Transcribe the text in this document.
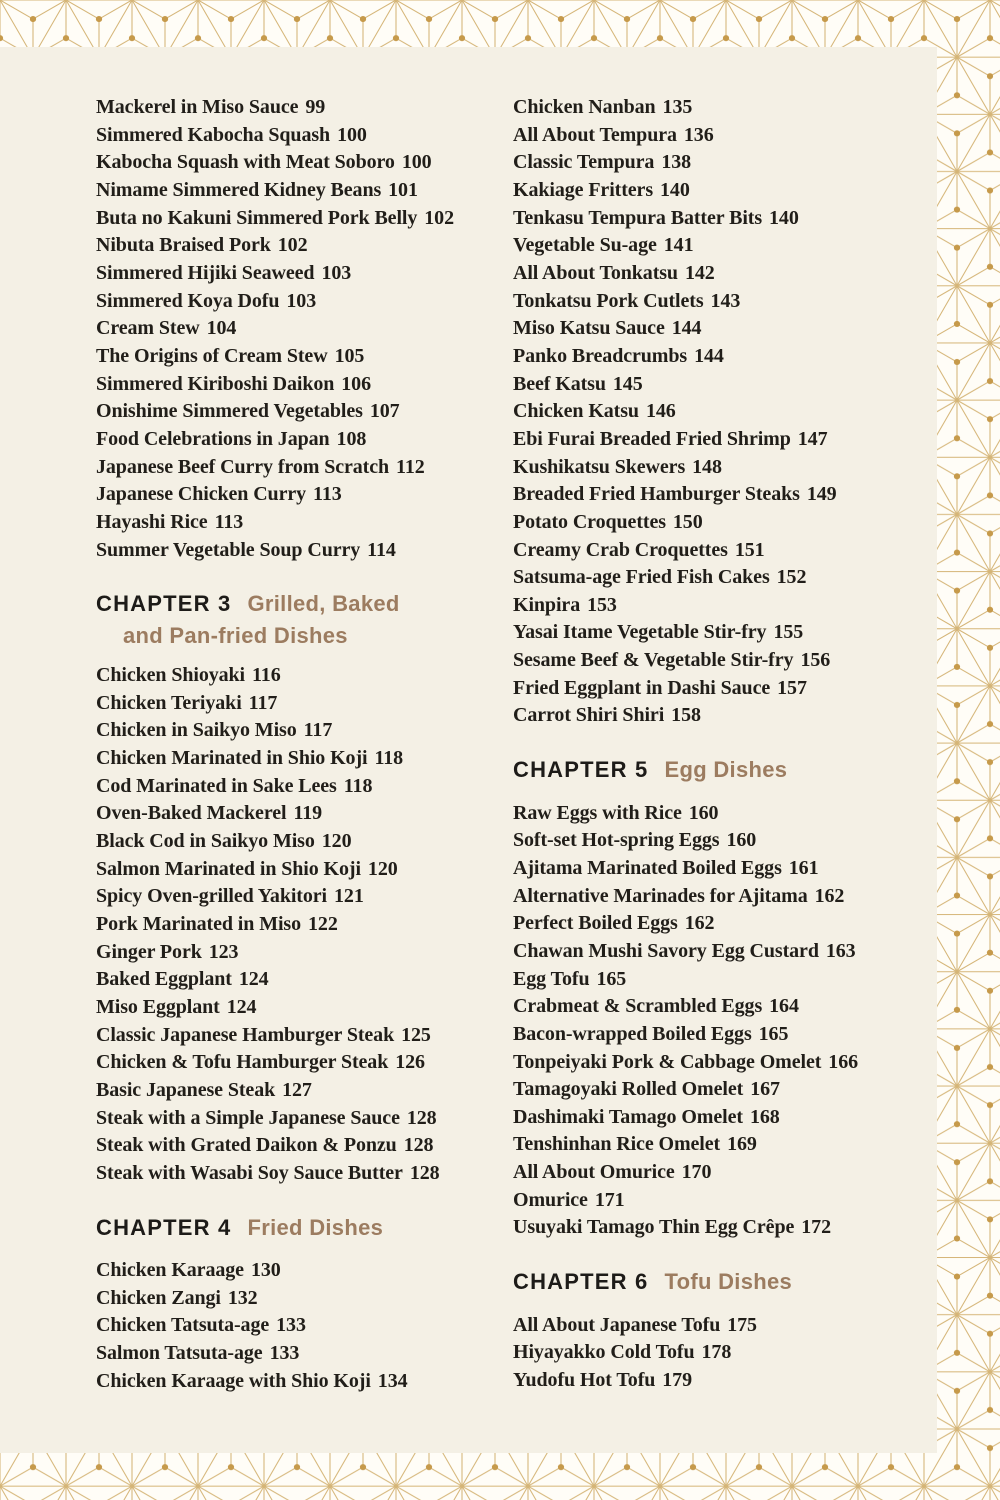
Mackerel in Miso Sauce 99
Simmered Kabocha Squash 100
Kabocha Squash with Meat Soboro 100
Nimame Simmered Kidney Beans 101
Buta no Kakuni Simmered Pork Belly 102
Nibuta Braised Pork 102
Simmered Hijiki Seaweed 103
Simmered Koya Dofu 103
Cream Stew 104
The Origins of Cream Stew 105
Simmered Kiriboshi Daikon 106
Onishime Simmered Vegetables 107
Food Celebrations in Japan 108
Japanese Beef Curry from Scratch 112
Japanese Chicken Curry 113
Hayashi Rice 113
Summer Vegetable Soup Curry 114
CHAPTER 3 Grilled, Baked
and Pan-fried Dishes
Chicken Shioyaki 116
Chicken Teriyaki 117
Chicken in Saikyo Miso 117
Chicken Marinated in Shio Koji 118
Cod Marinated in Sake Lees 118
Oven-Baked Mackerel 119
Black Cod in Saikyo Miso 120
Salmon Marinated in Shio Koji 120
Spicy Oven-grilled Yakitori 121
Pork Marinated in Miso 122
Ginger Pork 123
Baked Eggplant 124
Miso Eggplant 124
Classic Japanese Hamburger Steak 125
Chicken & Tofu Hamburger Steak 126
Basic Japanese Steak 127
Steak with a Simple Japanese Sauce 128
Steak with Grated Daikon & Ponzu 128
Steak with Wasabi Soy Sauce Butter 128
CHAPTER 4 Fried Dishes
Chicken Karaage 130
Chicken Zangi 132
Chicken Tatsuta-age 133
Salmon Tatsuta-age 133
Chicken Karaage with Shio Koji 134
Chicken Nanban 135
All About Tempura 136
Classic Tempura 138
Kakiage Fritters 140
Tenkasu Tempura Batter Bits 140
Vegetable Su-age 141
All About Tonkatsu 142
Tonkatsu Pork Cutlets 143
Miso Katsu Sauce 144
Panko Breadcrumbs 144
Beef Katsu 145
Chicken Katsu 146
Ebi Furai Breaded Fried Shrimp 147
Kushikatsu Skewers 148
Breaded Fried Hamburger Steaks 149
Potato Croquettes 150
Creamy Crab Croquettes 151
Satsuma-age Fried Fish Cakes 152
Kinpira 153
Yasai Itame Vegetable Stir-fry 155
Sesame Beef & Vegetable Stir-fry 156
Fried Eggplant in Dashi Sauce 157
Carrot Shiri Shiri 158
CHAPTER 5 Egg Dishes
Raw Eggs with Rice 160
Soft-set Hot-spring Eggs 160
Ajitama Marinated Boiled Eggs 161
Alternative Marinades for Ajitama 162
Perfect Boiled Eggs 162
Chawan Mushi Savory Egg Custard 163
Egg Tofu 165
Crabmeat & Scrambled Eggs 164
Bacon-wrapped Boiled Eggs 165
Tonpeiyaki Pork & Cabbage Omelet 166
Tamagoyaki Rolled Omelet 167
Dashimaki Tamago Omelet 168
Tenshinhan Rice Omelet 169
All About Omurice 170
Omurice 171
Usuyaki Tamago Thin Egg Crêpe 172
CHAPTER 6 Tofu Dishes
All About Japanese Tofu 175
Hiyayakko Cold Tofu 178
Yudofu Hot Tofu 179
